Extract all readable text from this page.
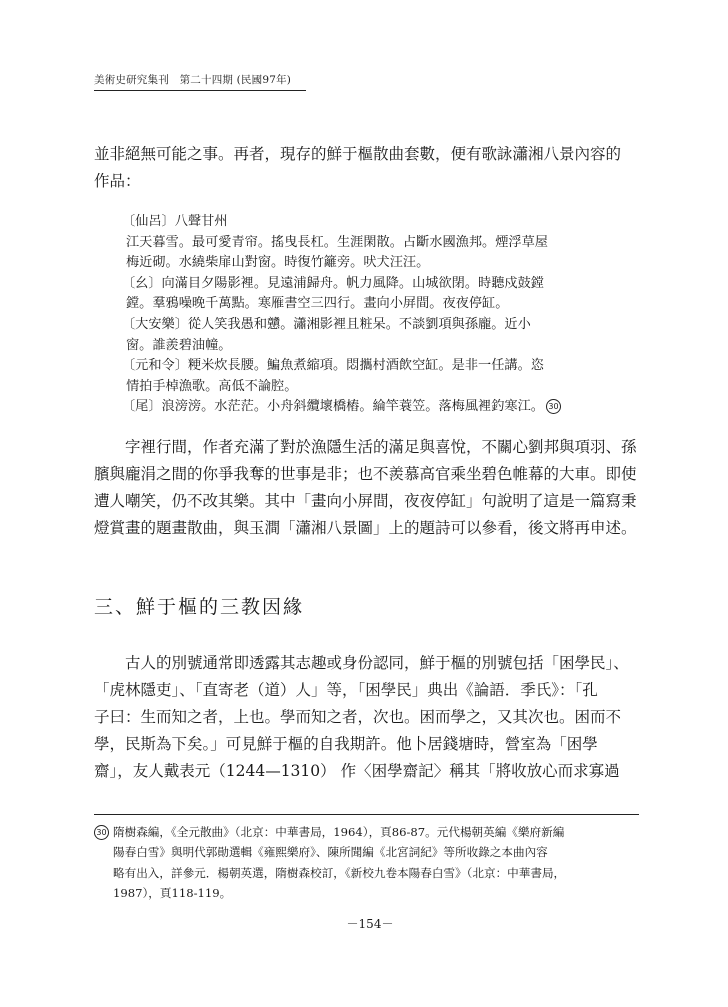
美術史研究集刊　第二十四期 (民國97年)

並非絕無可能之事。再者，現存的鮮于樞散曲套數，便有歌詠瀟湘八景內容的
作品：

〔仙呂〕八聲甘州
江天暮雪。最可愛青帘。搖曳長杠。生涯閑散。占斷水國漁邦。煙浮草屋
梅近砌。水繞柴扉山對窗。時復竹籬旁。吠犬汪汪。
〔幺〕向滿目夕陽影裡。見遠浦歸舟。帆力風降。山城欲閉。時聽戍鼓鏜
鏜。羣鴉噪晚千萬點。寒雁書空三四行。畫向小屏間。夜夜停缸。
〔大安樂〕從人笑我愚和戇。瀟湘影裡且粧呆。不談劉項與孫龐。近小
窗。誰羨碧油幢。
〔元和令〕粳米炊長腰。鯿魚煮縮項。悶攜村酒飲空缸。是非一任講。恣
情拍手棹漁歌。高低不論腔。
〔尾〕浪滂滂。水茫茫。小舟斜纜壞橋樁。綸竿蓑笠。落梅風裡釣寒江。 30

字裡行間，作者充滿了對於漁隱生活的滿足與喜悅，不關心劉邦與項羽、孫
臏與龐涓之間的你爭我奪的世事是非；也不羨慕高官乘坐碧色帷幕的大車。即使
遭人嘲笑，仍不改其樂。其中「畫向小屏間，夜夜停缸」句說明了這是一篇寫秉
燈賞畫的題畫散曲，與玉澗「瀟湘八景圖」上的題詩可以參看，後文將再申述。

三、鮮于樞的三教因緣

古人的別號通常即透露其志趣或身份認同，鮮于樞的別號包括「困學民」、
「虎林隱吏」、「直寄老（道）人」等，「困學民」典出《論語．季氏》：「孔
子曰：生而知之者，上也。學而知之者，次也。困而學之，又其次也。困而不
學，民斯為下矣。」可見鮮于樞的自我期許。他卜居錢塘時，營室為「困學
齋」，友人戴表元（1244—1310） 作〈困學齋記〉稱其「將收放心而求寡過

30 隋樹森編，《全元散曲》（北京：中華書局，1964），頁86-87。元代楊朝英編《樂府新編
陽春白雪》與明代郭勛選輯《雍熙樂府》、陳所聞編《北宮詞紀》等所收錄之本曲內容
略有出入，詳參元．楊朝英選，隋樹森校訂，《新校九卷本陽春白雪》（北京：中華書局，
1987），頁118-119。
－154－
